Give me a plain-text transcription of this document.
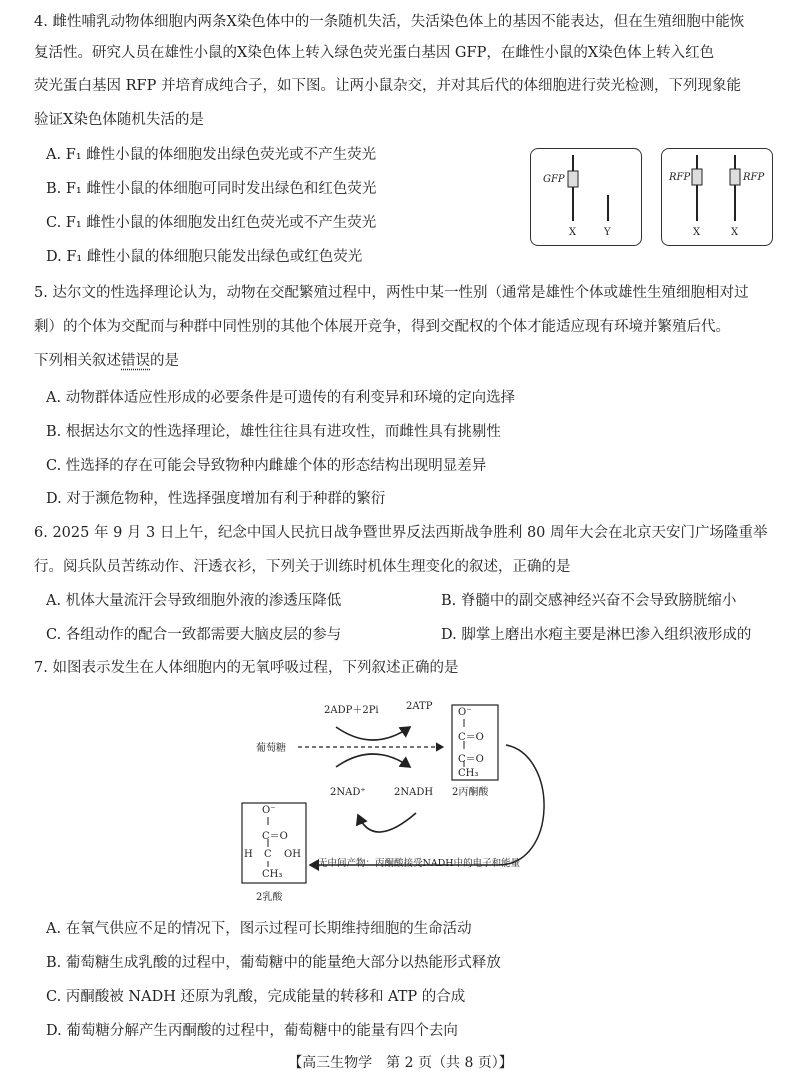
4. 雌性哺乳动物体细胞内两条X染色体中的一条随机失活，失活染色体上的基因不能表达，但在生殖细胞中能恢
复活性。研究人员在雄性小鼠的X染色体上转入绿色荧光蛋白基因 GFP，在雌性小鼠的X染色体上转入红色
荧光蛋白基因 RFP 并培育成纯合子，如下图。让两小鼠杂交，并对其后代的体细胞进行荧光检测，下列现象能
验证X染色体随机失活的是
A. F₁ 雌性小鼠的体细胞发出绿色荧光或不产生荧光
B. F₁ 雌性小鼠的体细胞可同时发出绿色和红色荧光
C. F₁ 雌性小鼠的体细胞发出红色荧光或不产生荧光
D. F₁ 雌性小鼠的体细胞只能发出绿色或红色荧光
GFP
X	Y
RFP	RFP
X	X
5. 达尔文的性选择理论认为，动物在交配繁殖过程中，两性中某一性别（通常是雄性个体或雄性生殖细胞相对过
剩）的个体为交配而与种群中同性别的其他个体展开竞争，得到交配权的个体才能适应现有环境并繁殖后代。
下列相关叙述错误的是
A. 动物群体适应性形成的必要条件是可遗传的有利变异和环境的定向选择
B. 根据达尔文的性选择理论，雄性往往具有进攻性，而雌性具有挑剔性
C. 性选择的存在可能会导致物种内雌雄个体的形态结构出现明显差异
D. 对于濒危物种，性选择强度增加有利于种群的繁衍
6. 2025 年 9 月 3 日上午，纪念中国人民抗日战争暨世界反法西斯战争胜利 80 周年大会在北京天安门广场隆重举
行。阅兵队员苦练动作、汗透衣衫，下列关于训练时机体生理变化的叙述，正确的是
A. 机体大量流汗会导致细胞外液的渗透压降低	B. 脊髓中的副交感神经兴奋不会导致膀胱缩小
C. 各组动作的配合一致都需要大脑皮层的参与	D. 脚掌上磨出水疱主要是淋巴渗入组织液形成的
7. 如图表示发生在人体细胞内的无氧呼吸过程，下列叙述正确的是
2ADP＋2Pi	2ATP
葡萄糖
2NAD⁺	2NADH
O⁻
C＝O
C＝O
CH₃
2丙酮酸
O⁻
C＝O
H C OH
CH₃
2乳酸
无中间产物：丙酮酸接受NADH中的电子和能量
A. 在氧气供应不足的情况下，图示过程可长期维持细胞的生命活动
B. 葡萄糖生成乳酸的过程中，葡萄糖中的能量绝大部分以热能形式释放
C. 丙酮酸被 NADH 还原为乳酸，完成能量的转移和 ATP 的合成
D. 葡萄糖分解产生丙酮酸的过程中，葡萄糖中的能量有四个去向
【高三生物学　第 2 页（共 8 页）】
